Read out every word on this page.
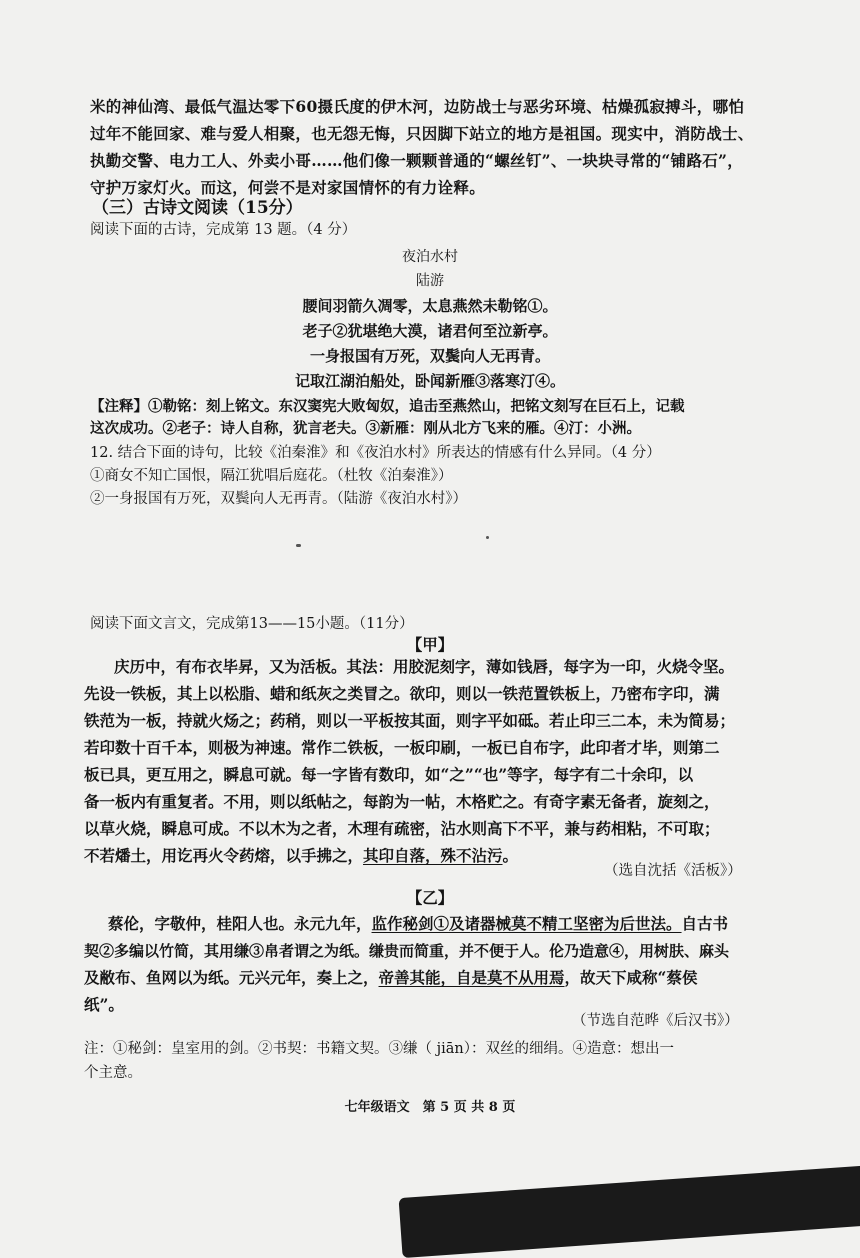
米的神仙湾、最低气温达零下60摄氏度的伊木河，边防战士与恶劣环境、枯燥孤寂搏斗，哪怕
过年不能回家、难与爱人相聚，也无怨无悔，只因脚下站立的地方是祖国。现实中，消防战士、
执勤交警、电力工人、外卖小哥……他们像一颗颗普通的“螺丝钉”、一块块寻常的“铺路石”，
守护万家灯火。而这，何尝不是对家国情怀的有力诠释。
（三）古诗文阅读（15分）
阅读下面的古诗，完成第 13 题。（4 分）
夜泊水村
陆游
腰间羽箭久凋零，太息燕然未勒铭①。
老子②犹堪绝大漠，诸君何至泣新亭。
一身报国有万死，双鬓向人无再青。
记取江湖泊船处，卧闻新雁③落寒汀④。
【注释】①勒铭：刻上铭文。东汉窦宪大败匈奴，追击至燕然山，把铭文刻写在巨石上，记载
这次成功。②老子：诗人自称，犹言老夫。③新雁：刚从北方飞来的雁。④汀：小洲。
12. 结合下面的诗句，比较《泊秦淮》和《夜泊水村》所表达的情感有什么异同。（4 分）
①商女不知亡国恨，隔江犹唱后庭花。（杜牧《泊秦淮》）
②一身报国有万死，双鬓向人无再青。（陆游《夜泊水村》）
阅读下面文言文，完成第13——15小题。（11分）
【甲】
庆历中，有布衣毕昇，又为活板。其法：用胶泥刻字，薄如钱唇，每字为一印，火烧令坚。
先设一铁板，其上以松脂、蜡和纸灰之类冒之。欲印，则以一铁范置铁板上，乃密布字印，满
铁范为一板，持就火炀之；药稍，则以一平板按其面，则字平如砥。若止印三二本，未为简易；
若印数十百千本，则极为神速。常作二铁板，一板印刷，一板已自布字，此印者才毕，则第二
板已具，更互用之，瞬息可就。每一字皆有数印，如“之”“也”等字，每字有二十余印，以
备一板内有重复者。不用，则以纸帖之，每韵为一帖，木格贮之。有奇字素无备者，旋刻之，
以草火烧，瞬息可成。不以木为之者，木理有疏密，沾水则高下不平，兼与药相粘，不可取；
不若燔土，用讫再火令药熔，以手拂之，其印自落，殊不沾污。
（选自沈括《活板》）
【乙】
蔡伦，字敬仲，桂阳人也。永元九年，监作秘剑①及诸器械莫不精工坚密为后世法。自古书
契②多编以竹简，其用缣③帛者谓之为纸。缣贵而简重，并不便于人。伦乃造意④，用树肤、麻头
及敝布、鱼网以为纸。元兴元年，奏上之，帝善其能，自是莫不从用焉，故天下咸称“蔡侯
纸”。
（节选自范晔《后汉书》）
注：①秘剑：皇室用的剑。②书契：书籍文契。③缣（ jiān）：双丝的细绢。④造意：想出一
个主意。
七年级语文　第 5 页 共 8 页
